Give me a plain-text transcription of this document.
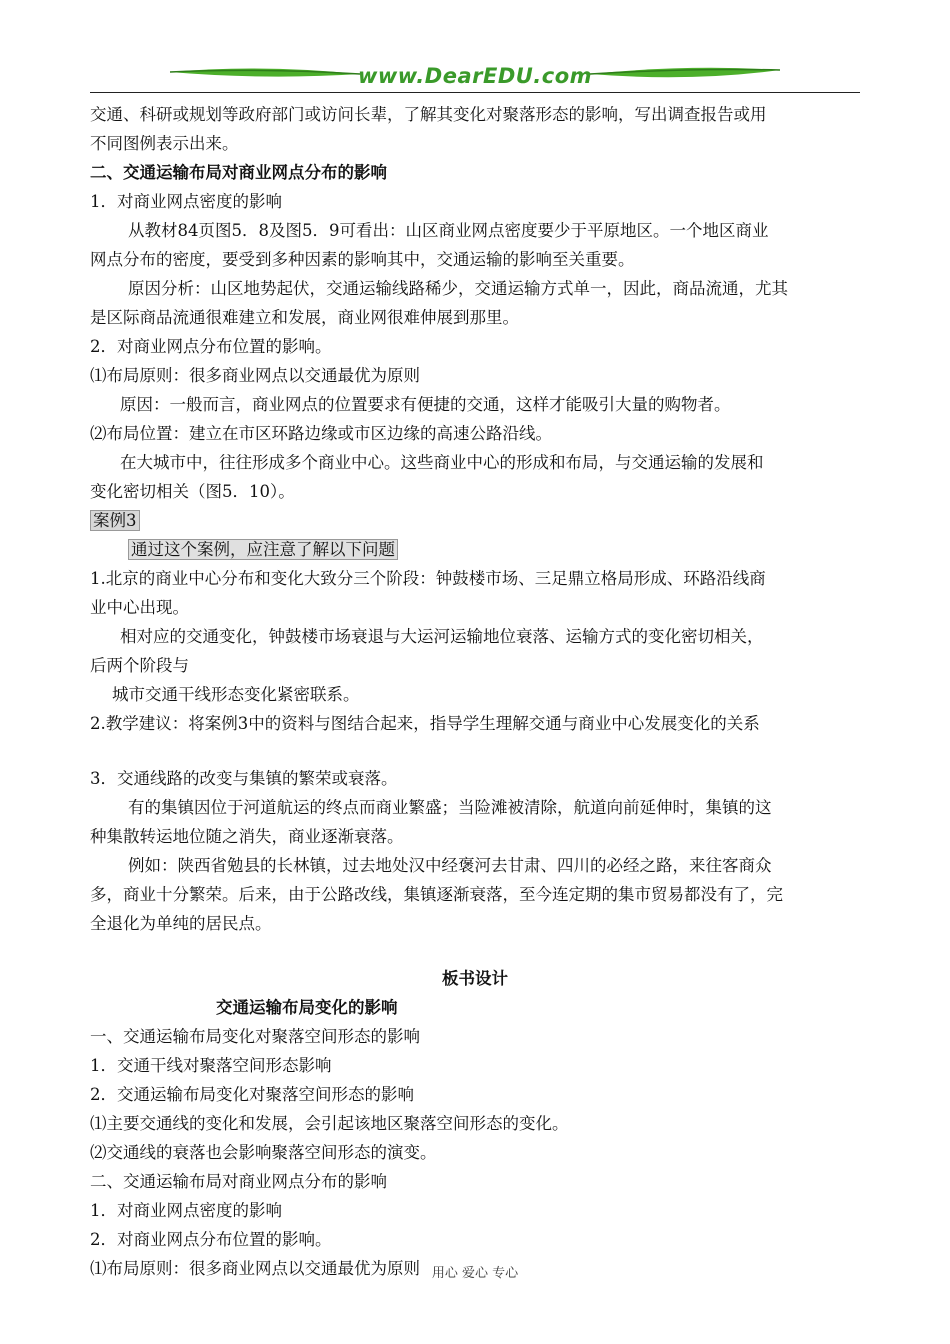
www.DearEDU.com

交通、科研或规划等政府部门或访问长辈，了解其变化对聚落形态的影响，写出调查报告或用

不同图例表示出来。

二、交通运输布局对商业网点分布的影响

1．对商业网点密度的影响

从教材84页图5．8及图5．9可看出：山区商业网点密度要少于平原地区。一个地区商业

网点分布的密度，要受到多种因素的影响其中，交通运输的影响至关重要。

原因分析：山区地势起伏，交通运输线路稀少，交通运输方式单一，因此，商品流通，尤其

是区际商品流通很难建立和发展，商业网很难伸展到那里。

2．对商业网点分布位置的影响。

⑴布局原则：很多商业网点以交通最优为原则

原因：一般而言，商业网点的位置要求有便捷的交通，这样才能吸引大量的购物者。

⑵布局位置：建立在市区环路边缘或市区边缘的高速公路沿线。

在大城市中，往往形成多个商业中心。这些商业中心的形成和布局，与交通运输的发展和

变化密切相关（图5．10）。

案例3

通过这个案例，应注意了解以下问题

1.北京的商业中心分布和变化大致分三个阶段：钟鼓楼市场、三足鼎立格局形成、环路沿线商

业中心出现。

相对应的交通变化，钟鼓楼市场衰退与大运河运输地位衰落、运输方式的变化密切相关，

后两个阶段与

城市交通干线形态变化紧密联系。

2.教学建议：将案例3中的资料与图结合起来，指导学生理解交通与商业中心发展变化的关系

3．交通线路的改变与集镇的繁荣或衰落。

有的集镇因位于河道航运的终点而商业繁盛；当险滩被清除，航道向前延伸时，集镇的这

种集散转运地位随之消失，商业逐渐衰落。

例如：陕西省勉县的长林镇，过去地处汉中经褒河去甘肃、四川的必经之路，来往客商众

多，商业十分繁荣。后来，由于公路改线，集镇逐渐衰落，至今连定期的集市贸易都没有了，完

全退化为单纯的居民点。

板书设计

交通运输布局变化的影响

一、交通运输布局变化对聚落空间形态的影响

1．交通干线对聚落空间形态影响

2．交通运输布局变化对聚落空间形态的影响

⑴主要交通线的变化和发展，会引起该地区聚落空间形态的变化。

⑵交通线的衰落也会影响聚落空间形态的演变。

二、交通运输布局对商业网点分布的影响

1．对商业网点密度的影响

2．对商业网点分布位置的影响。

⑴布局原则：很多商业网点以交通最优为原则 用心 爱心 专心
